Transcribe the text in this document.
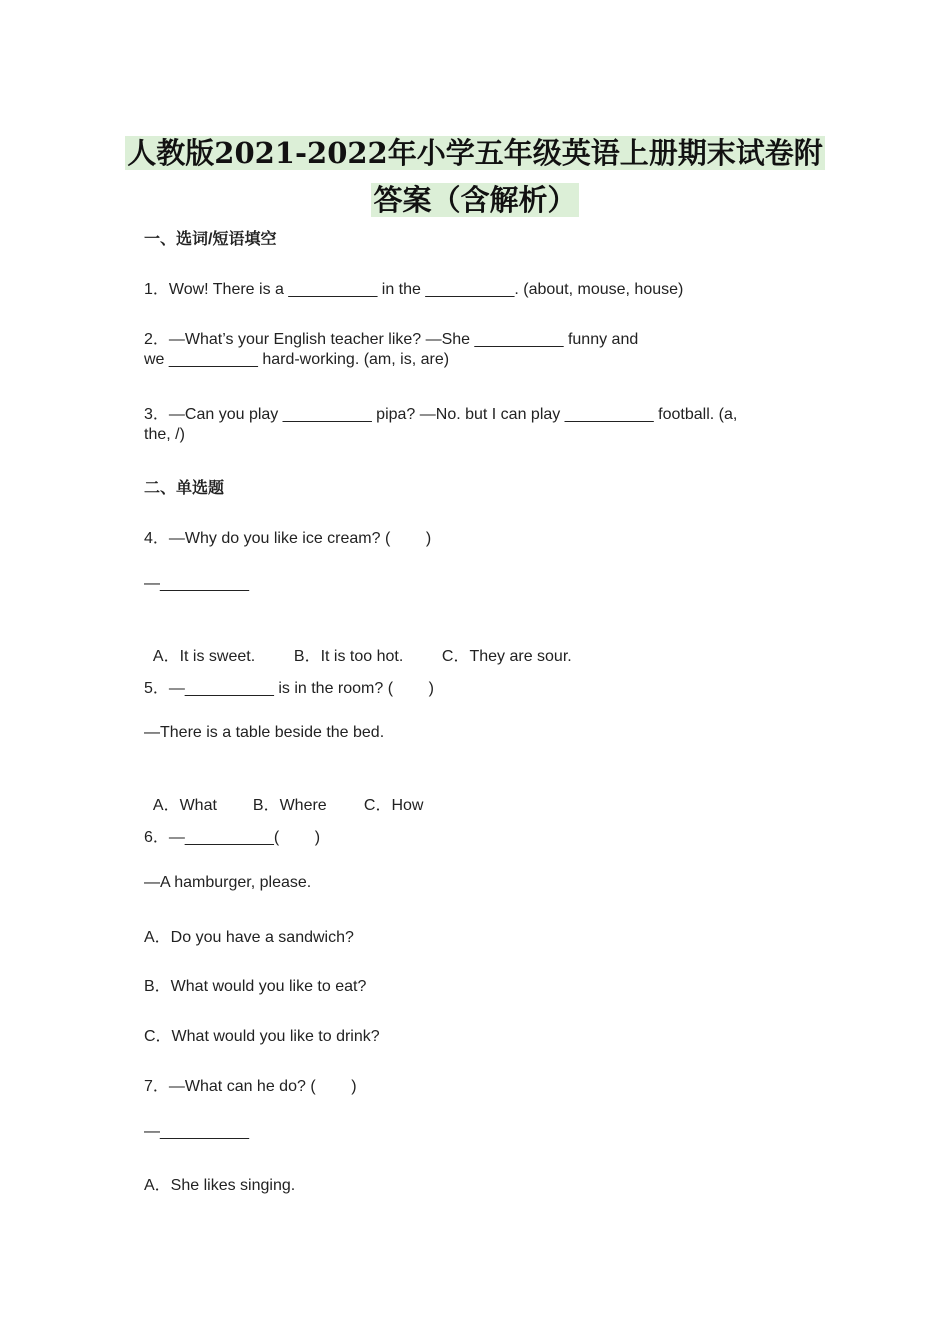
人教版2021-2022年小学五年级英语上册期末试卷附
答案（含解析）
一、选词/短语填空
1．Wow! There is a __________ in the __________. (about, mouse, house)
2．—What’s your English teacher like? —She __________ funny and
we __________ hard-working. (am, is, are)
3．—Can you play __________ pipa? —No. but I can play __________ football. (a,
the, /)
二、单选题
4．—Why do you like ice cream? (        )
—__________

A．It is sweet. B．It is too hot. C．They are sour.

5．—__________ is in the room? (        )
—There is a table beside the bed.

A．What B．Where C．How

6．—__________(        )
—A hamburger, please.
A．Do you have a sandwich?
B．What would you like to eat?
C．What would you like to drink?
7．—What can he do? (        )
—__________
A．She likes singing.
